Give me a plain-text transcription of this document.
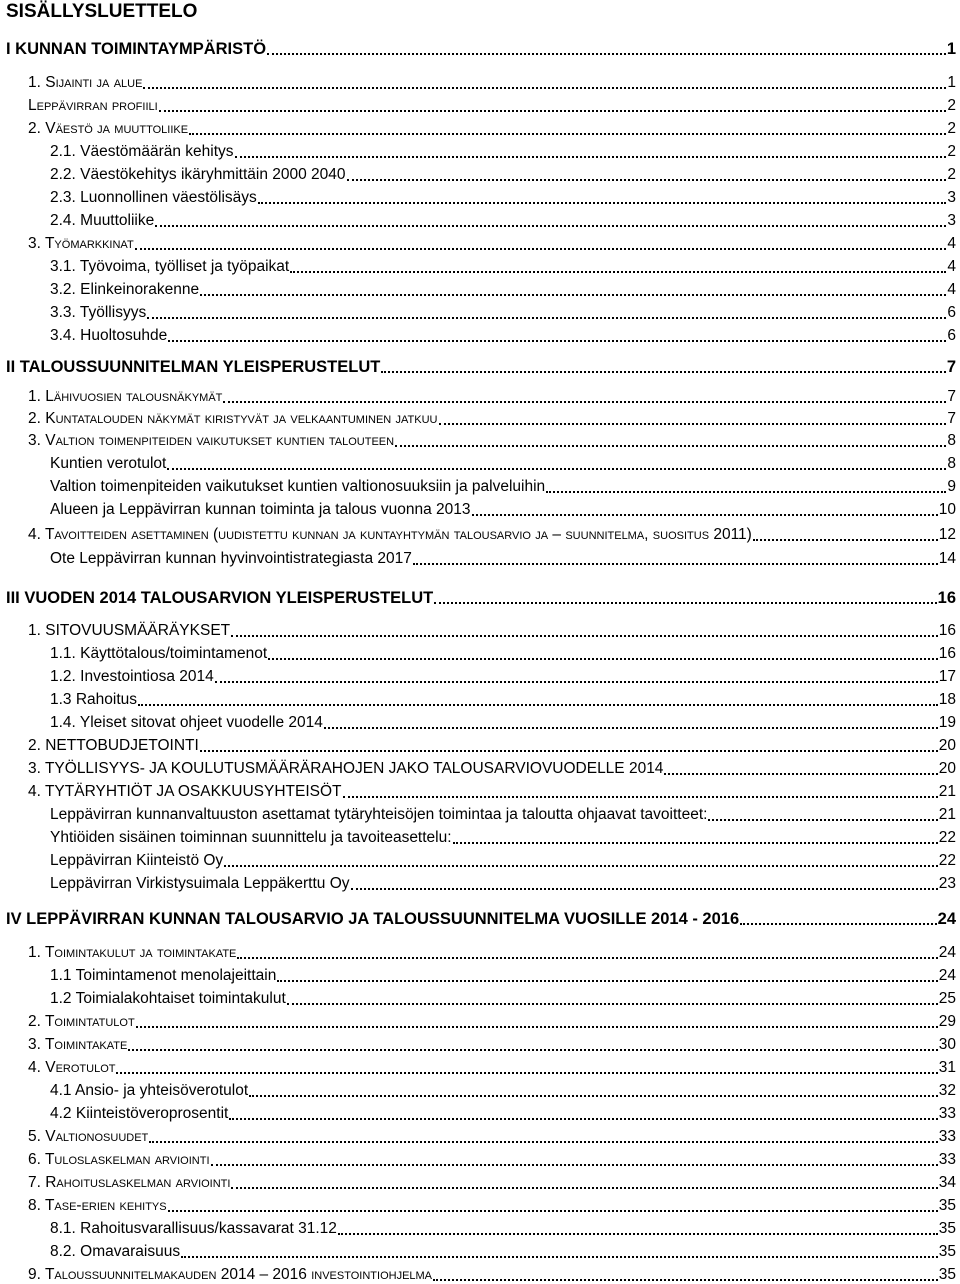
SISÄLLYSLUETTELO
I KUNNAN TOIMINTAYMPÄRISTÖ	1
1. Sijainti ja alue	1
Leppävirran profiili	2
2. Väestö ja muuttoliike	2
2.1. Väestömäärän kehitys	2
2.2. Väestökehitys ikäryhmittäin 2000 2040	2
2.3. Luonnollinen väestölisäys	3
2.4. Muuttoliike	3
3. Työmarkkinat	4
3.1. Työvoima, työlliset ja työpaikat	4
3.2. Elinkeinorakenne	4
3.3. Työllisyys	6
3.4. Huoltosuhde	6
II TALOUSSUUNNITELMAN YLEISPERUSTELUT	7
1. Lähivuosien talousnäkymät	7
2. Kuntatalouden näkymät kiristyvät ja velkaantuminen jatkuu	7
3. Valtion toimenpiteiden vaikutukset kuntien talouteen	8
Kuntien verotulot	8
Valtion toimenpiteiden vaikutukset kuntien valtionosuuksiin ja palveluihin	9
Alueen ja Leppävirran kunnan toiminta ja talous vuonna 2013	10
4. Tavoitteiden asettaminen (uudistettu kunnan ja kuntayhtymän talousarvio ja – suunnitelma, suositus 2011)	12
Ote Leppävirran kunnan hyvinvointistrategiasta 2017	14
III VUODEN 2014 TALOUSARVION YLEISPERUSTELUT	16
1. SITOVUUSMÄÄRÄYKSET	16
1.1. Käyttötalous/toimintamenot	16
1.2. Investointiosa 2014	17
1.3 Rahoitus	18
1.4. Yleiset sitovat ohjeet vuodelle 2014	19
2. NETTOBUDJETOINTI	20
3. TYÖLLISYYS- JA KOULUTUSMÄÄRÄRAHOJEN JAKO TALOUSARVIOVUODELLE 2014	20
4. TYTÄRYHTIÖT JA OSAKKUUSYHTEISÖT	21
Leppävirran kunnanvaltuuston asettamat tytäryhteisöjen toimintaa ja taloutta ohjaavat tavoitteet:	21
Yhtiöiden sisäinen toiminnan suunnittelu ja tavoiteasettelu:	22
Leppävirran Kiinteistö Oy	22
Leppävirran Virkistysuimala Leppäkerttu Oy	23
IV LEPPÄVIRRAN KUNNAN TALOUSARVIO JA TALOUSSUUNNITELMA VUOSILLE 2014 - 2016	24
1. Toimintakulut ja toimintakate	24
1.1 Toimintamenot menolajeittain	24
1.2 Toimialakohtaiset toimintakulut	25
2. Toimintatulot	29
3. Toimintakate	30
4. Verotulot	31
4.1 Ansio- ja yhteisöverotulot	32
4.2 Kiinteistöveroprosentit	33
5. Valtionosuudet	33
6. Tuloslaskelman arviointi	33
7. Rahoituslaskelman arviointi	34
8. Tase-erien kehitys	35
8.1. Rahoitusvarallisuus/kassavarat 31.12	35
8.2. Omavaraisuus	35
9. Taloussuunnitelmakauden 2014 – 2016 investointiohjelma	35
